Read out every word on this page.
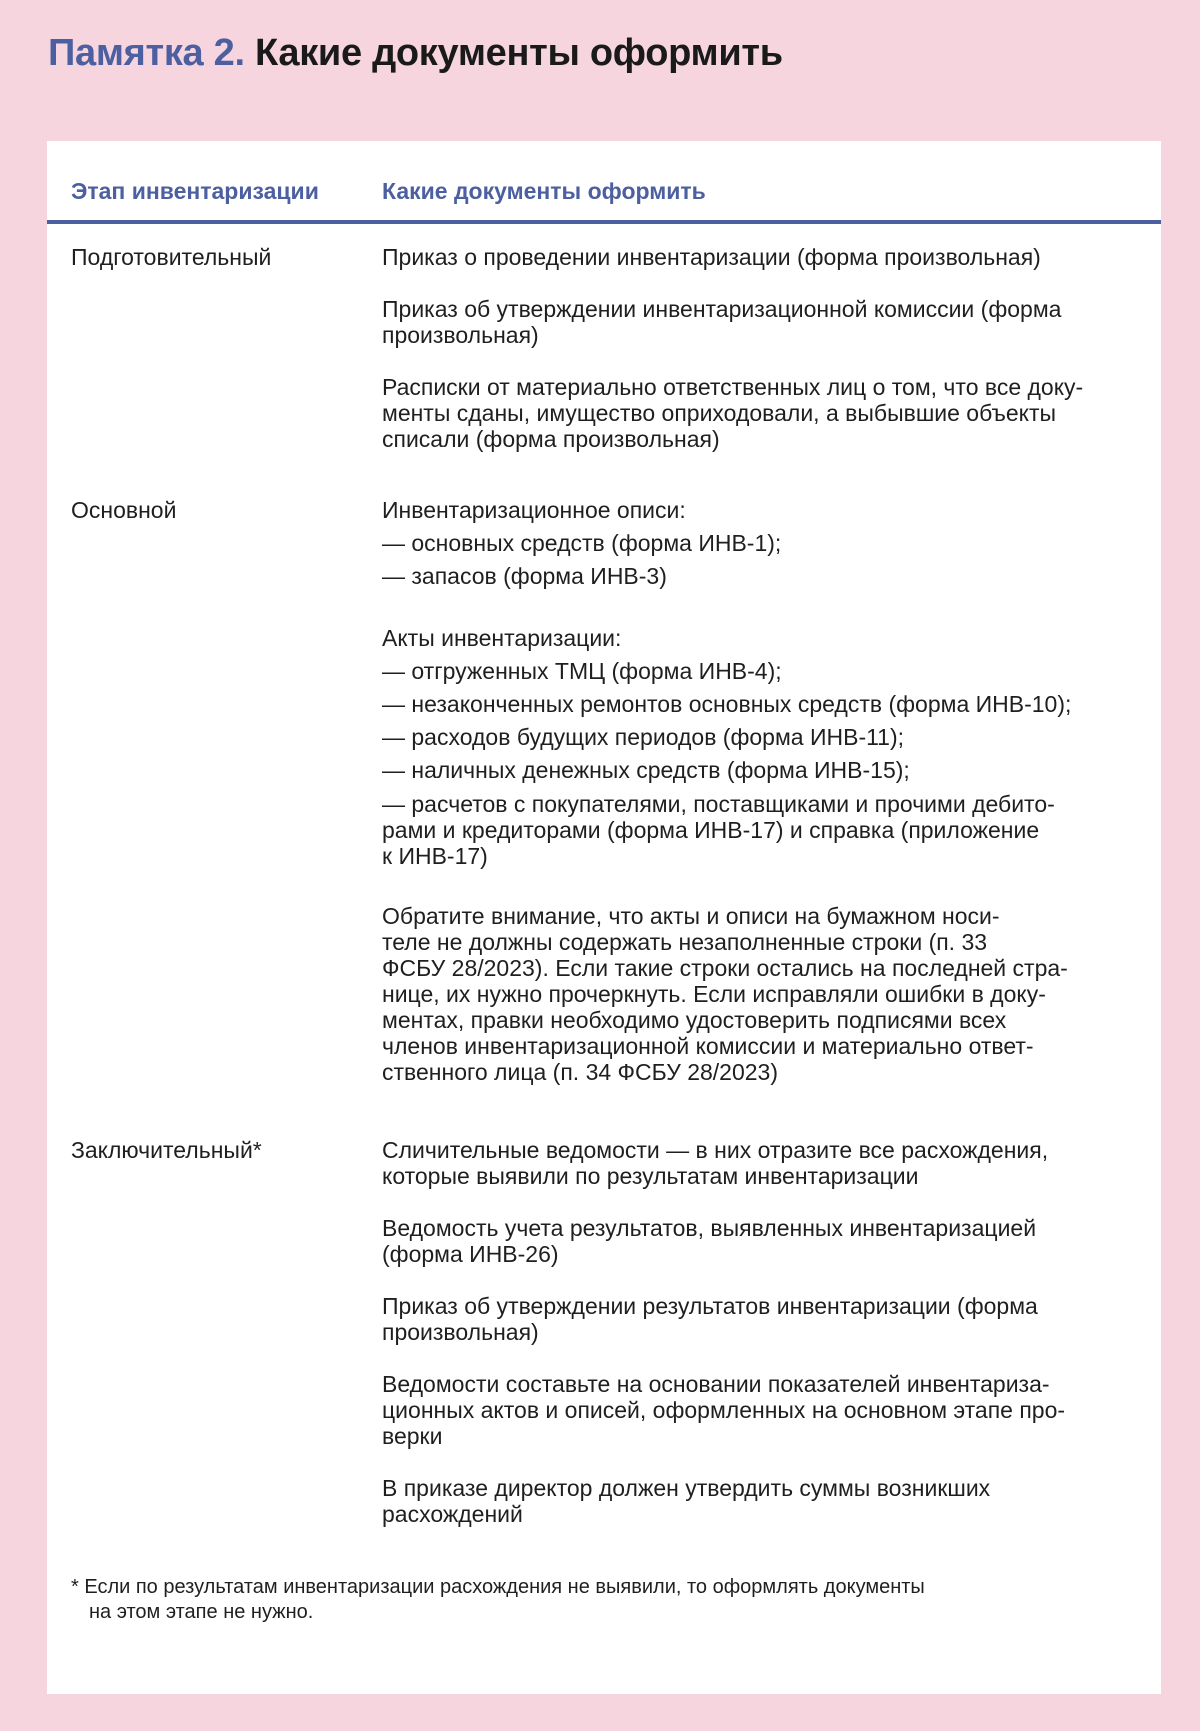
Памятка 2. Какие документы оформить
Этап инвентаризации	Какие документы оформить
Подготовительный	Приказ о проведении инвентаризации (форма произвольная)

Приказ об утверждении инвентаризационной комиссии (форма
произвольная)

Расписки от материально ответственных лиц о том, что все доку-
менты сданы, имущество оприходовали, а выбывшие объекты
списали (форма произвольная)

Основной	Инвентаризационное описи:
— основных средств (форма ИНВ-1);
— запасов (форма ИНВ-3)

Акты инвентаризации:
— отгруженных ТМЦ (форма ИНВ-4);
— незаконченных ремонтов основных средств (форма ИНВ-10);
— расходов будущих периодов (форма ИНВ-11);
— наличных денежных средств (форма ИНВ-15);

— расчетов с покупателями, поставщиками и прочими дебито-
рами и кредиторами (форма ИНВ-17) и справка (приложение
к ИНВ-17)

Обратите внимание, что акты и описи на бумажном носи-
теле не должны содержать незаполненные строки (п. 33
ФСБУ 28/2023). Если такие строки остались на последней стра-
нице, их нужно прочеркнуть. Если исправляли ошибки в доку-
ментах, правки необходимо удостоверить подписями всех
членов инвентаризационной комиссии и материально ответ-
ственного лица (п. 34 ФСБУ 28/2023)

Заключительный*	Сличительные ведомости — в них отразите все расхождения,
которые выявили по результатам инвентаризации

Ведомость учета результатов, выявленных инвентаризацией
(форма ИНВ-26)

Приказ об утверждении результатов инвентаризации (форма
произвольная)

Ведомости составьте на основании показателей инвентариза-
ционных актов и описей, оформленных на основном этапе про-
верки

В приказе директор должен утвердить суммы возникших
расхождений

* Если по результатам инвентаризации расхождения не выявили, то оформлять документы
на этом этапе не нужно.
